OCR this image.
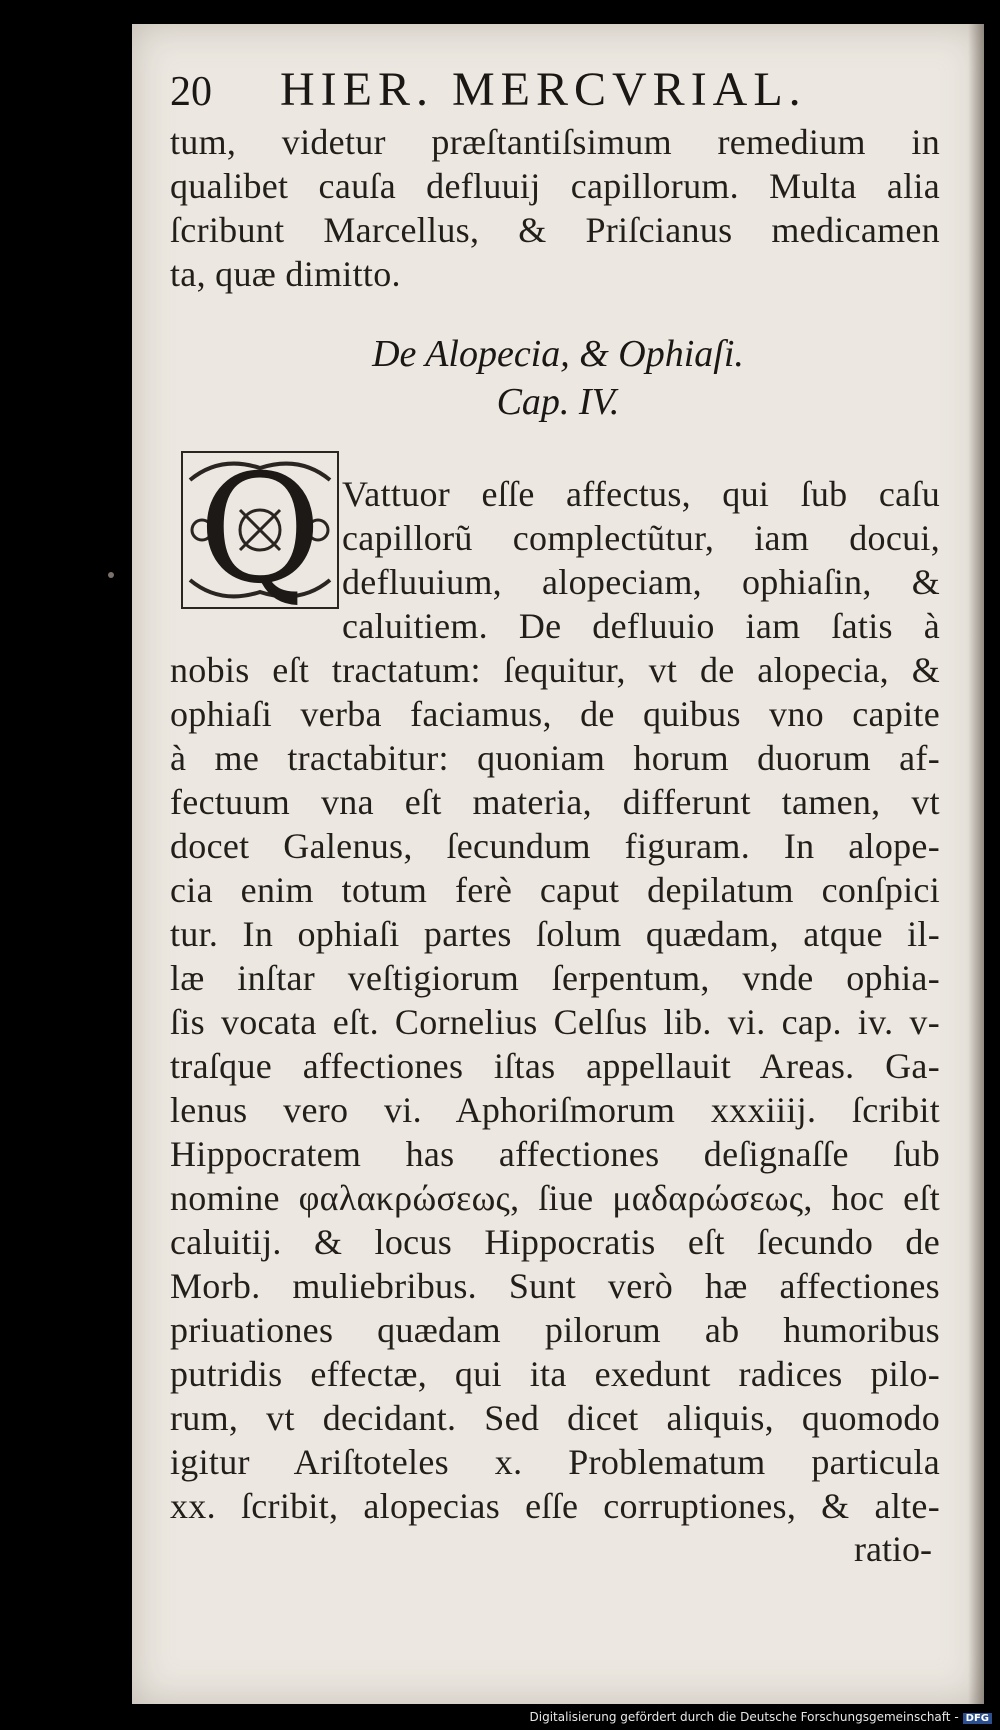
20 HIER. MERCVRIAL.
tum, videtur præſtantiſsimum remedium in
qualibet cauſa defluuij capillorum. Multa alia
ſcribunt Marcellus, & Priſcianus medicamen
ta, quæ dimitto.
De Alopecia, & Ophiaſi.
Cap. IV.
Q Vattuor eſſe affectus, qui ſub caſu
capillorũ complectũtur, iam docui,
defluuium, alopeciam, ophiaſin, &
caluitiem. De defluuio iam ſatis à
nobis eſt tractatum: ſequitur, vt de alopecia, &
ophiaſi verba faciamus, de quibus vno capite
à me tractabitur: quoniam horum duorum af-
fectuum vna eſt materia, differunt tamen, vt
docet Galenus, ſecundum figuram. In alope-
cia enim totum ferè caput depilatum conſpici
tur. In ophiaſi partes ſolum quædam, atque il-
læ inſtar veſtigiorum ſerpentum, vnde ophia-
ſis vocata eſt. Cornelius Celſus lib. vi. cap. iv. v-
traſque affectiones iſtas appellauit Areas. Ga-
lenus vero vi. Aphoriſmorum xxxiiij. ſcribit
Hippocratem has affectiones deſignaſſe ſub
nomine φαλακρώσεως, ſiue μαδαρώσεως, hoc eſt
caluitij. & locus Hippocratis eſt ſecundo de
Morb. muliebribus. Sunt verò hæ affectiones
priuationes quædam pilorum ab humoribus
putridis effectæ, qui ita exedunt radices pilo-
rum, vt decidant. Sed dicet aliquis, quomodo
igitur Ariſtoteles x. Problematum particula
xx. ſcribit, alopecias eſſe corruptiones, & alte-
ratio-
Digitalisierung gefördert durch die Deutsche Forschungsgemeinschaft - DFG
